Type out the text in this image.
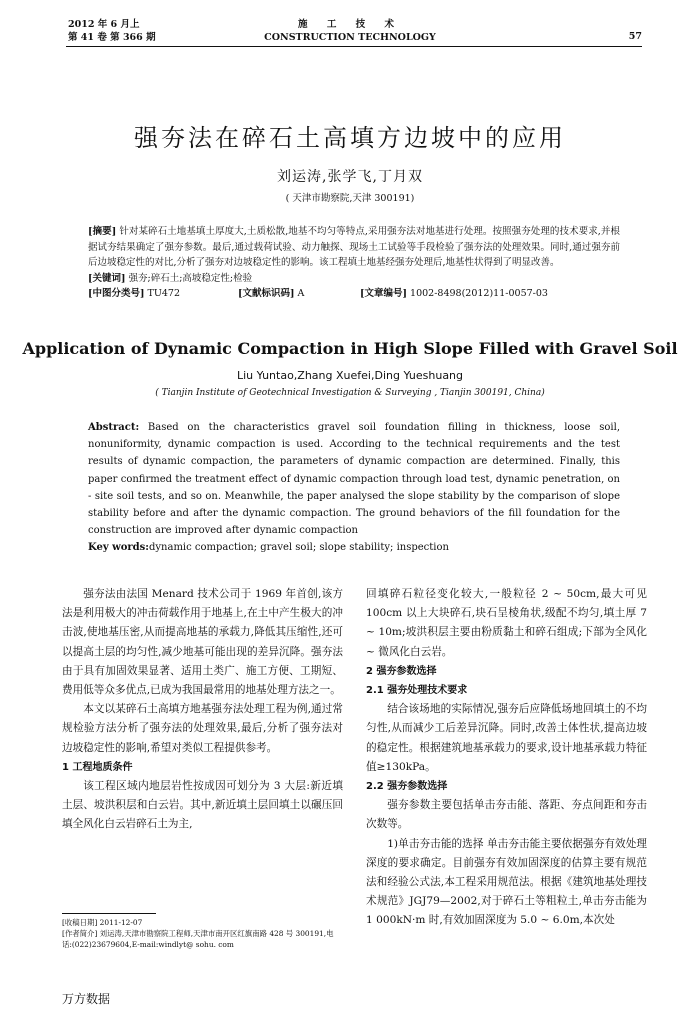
2012 年 6 月上
第 41 卷 第 366 期
施 工 技 术
CONSTRUCTION TECHNOLOGY	57
强夯法在碎石土高填方边坡中的应用
刘运涛,张学飞,丁月双
( 天津市勘察院,天津 300191)

[摘要] 针对某碎石土地基填土厚度大,土质松散,地基不均匀等特点,采用强夯法对地基进行处理。按照强夯处理的技术要求,并根据试夯结果确定了强夯参数。最后,通过载荷试验、动力触探、现场土工试验等手段检验了强夯法的处理效果。同时,通过强夯前后边坡稳定性的对比,分析了强夯对边坡稳定性的影响。该工程填土地基经强夯处理后,地基性状得到了明显改善。

[关键词] 强夯;碎石土;高坡稳定性;检验

[中图分类号] TU472	[文献标识码] A	[文章编号] 1002-8498(2012)11-0057-03

Application of Dynamic Compaction in High Slope Filled with Gravel Soil
Liu Yuntao,Zhang Xuefei,Ding Yueshuang
( Tianjin Institute of Geotechnical Investigation & Surveying , Tianjin 300191, China)

Abstract: Based on the characteristics gravel soil foundation filling in thickness, loose soil, nonuniformity, dynamic compaction is used. According to the technical requirements and the test results of dynamic compaction, the parameters of dynamic compaction are determined. Finally, this paper confirmed the treatment effect of dynamic compaction through load test, dynamic penetration, on - site soil tests, and so on. Meanwhile, the paper analysed the slope stability by the comparison of slope stability before and after the dynamic compaction. The ground behaviors of the fill foundation for the construction are improved after dynamic compaction

Key words:dynamic compaction; gravel soil; slope stability; inspection

强夯法由法国 Menard 技术公司于 1969 年首创,该方法是利用极大的冲击荷载作用于地基上,在土中产生极大的冲击波,使地基压密,从而提高地基的承载力,降低其压缩性,还可以提高土层的均匀性,减少地基可能出现的差异沉降。强夯法由于具有加固效果显著、适用土类广、施工方便、工期短、费用低等众多优点,已成为我国最常用的地基处理方法之一。

本文以某碎石土高填方地基强夯法处理工程为例,通过常规检验方法分析了强夯法的处理效果,最后,分析了强夯法对边坡稳定性的影响,希望对类似工程提供参考。

1 工程地质条件

该工程区域内地层岩性按成因可划分为 3 大层:新近填土层、坡洪积层和白云岩。其中,新近填土层回填土以碾压回填全风化白云岩碎石土为主,

回填碎石粒径变化较大,一般粒径 2 ~ 50cm,最大可见 100cm 以上大块碎石,块石呈棱角状,级配不均匀,填土厚 7 ~ 10m;坡洪积层主要由粉质黏土和碎石组成;下部为全风化 ~ 微风化白云岩。

2 强夯参数选择

2.1 强夯处理技术要求

结合该场地的实际情况,强夯后应降低场地回填土的不均匀性,从而减少工后差异沉降。同时,改善土体性状,提高边坡的稳定性。根据建筑地基承载力的要求,设计地基承载力特征值≥130kPa。

2.2 强夯参数选择

强夯参数主要包括单击夯击能、落距、夯点间距和夯击次数等。

1)单击夯击能的选择 单击夯击能主要依据强夯有效处理深度的要求确定。目前强夯有效加固深度的估算主要有规范法和经验公式法,本工程采用规范法。根据《建筑地基处理技术规范》JGJ79—2002,对于碎石土等粗粒土,单击夯击能为 1 000kN·m 时,有效加固深度为 5.0 ~ 6.0m,本次处

[收稿日期] 2011-12-07

[作者简介] 刘运涛,天津市勘察院工程师,天津市南开区红旗南路 428 号 300191,电话:(022)23679604,E-mail:windlyt@ sohu. com

万方数据
